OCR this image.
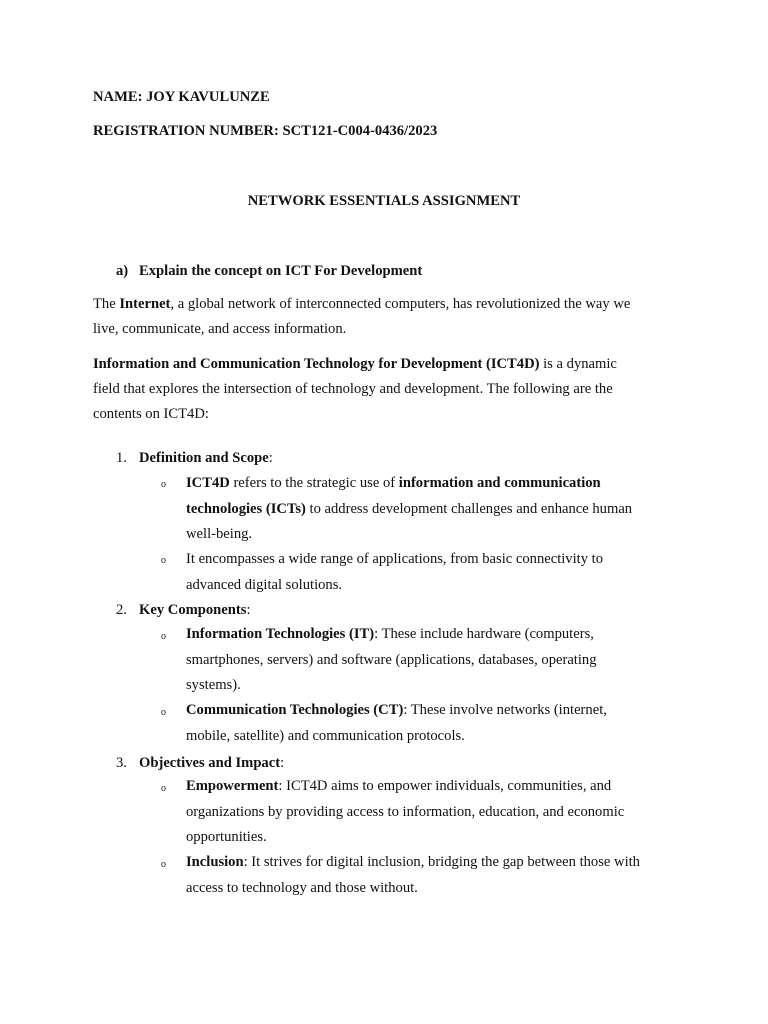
NAME: JOY KAVULUNZE
REGISTRATION NUMBER: SCT121-C004-0436/2023
NETWORK ESSENTIALS ASSIGNMENT
a) Explain the concept on ICT For Development
The Internet, a global network of interconnected computers, has revolutionized the way we
live, communicate, and access information.
Information and Communication Technology for Development (ICT4D) is a dynamic
field that explores the intersection of technology and development. The following are the
contents on ICT4D:
1. Definition and Scope:
o ICT4D refers to the strategic use of information and communication
technologies (ICTs) to address development challenges and enhance human
well-being.
o It encompasses a wide range of applications, from basic connectivity to
advanced digital solutions.
2. Key Components:
o Information Technologies (IT): These include hardware (computers,
smartphones, servers) and software (applications, databases, operating
systems).
o Communication Technologies (CT): These involve networks (internet,
mobile, satellite) and communication protocols.
3. Objectives and Impact:
o Empowerment: ICT4D aims to empower individuals, communities, and
organizations by providing access to information, education, and economic
opportunities.
o Inclusion: It strives for digital inclusion, bridging the gap between those with
access to technology and those without.
